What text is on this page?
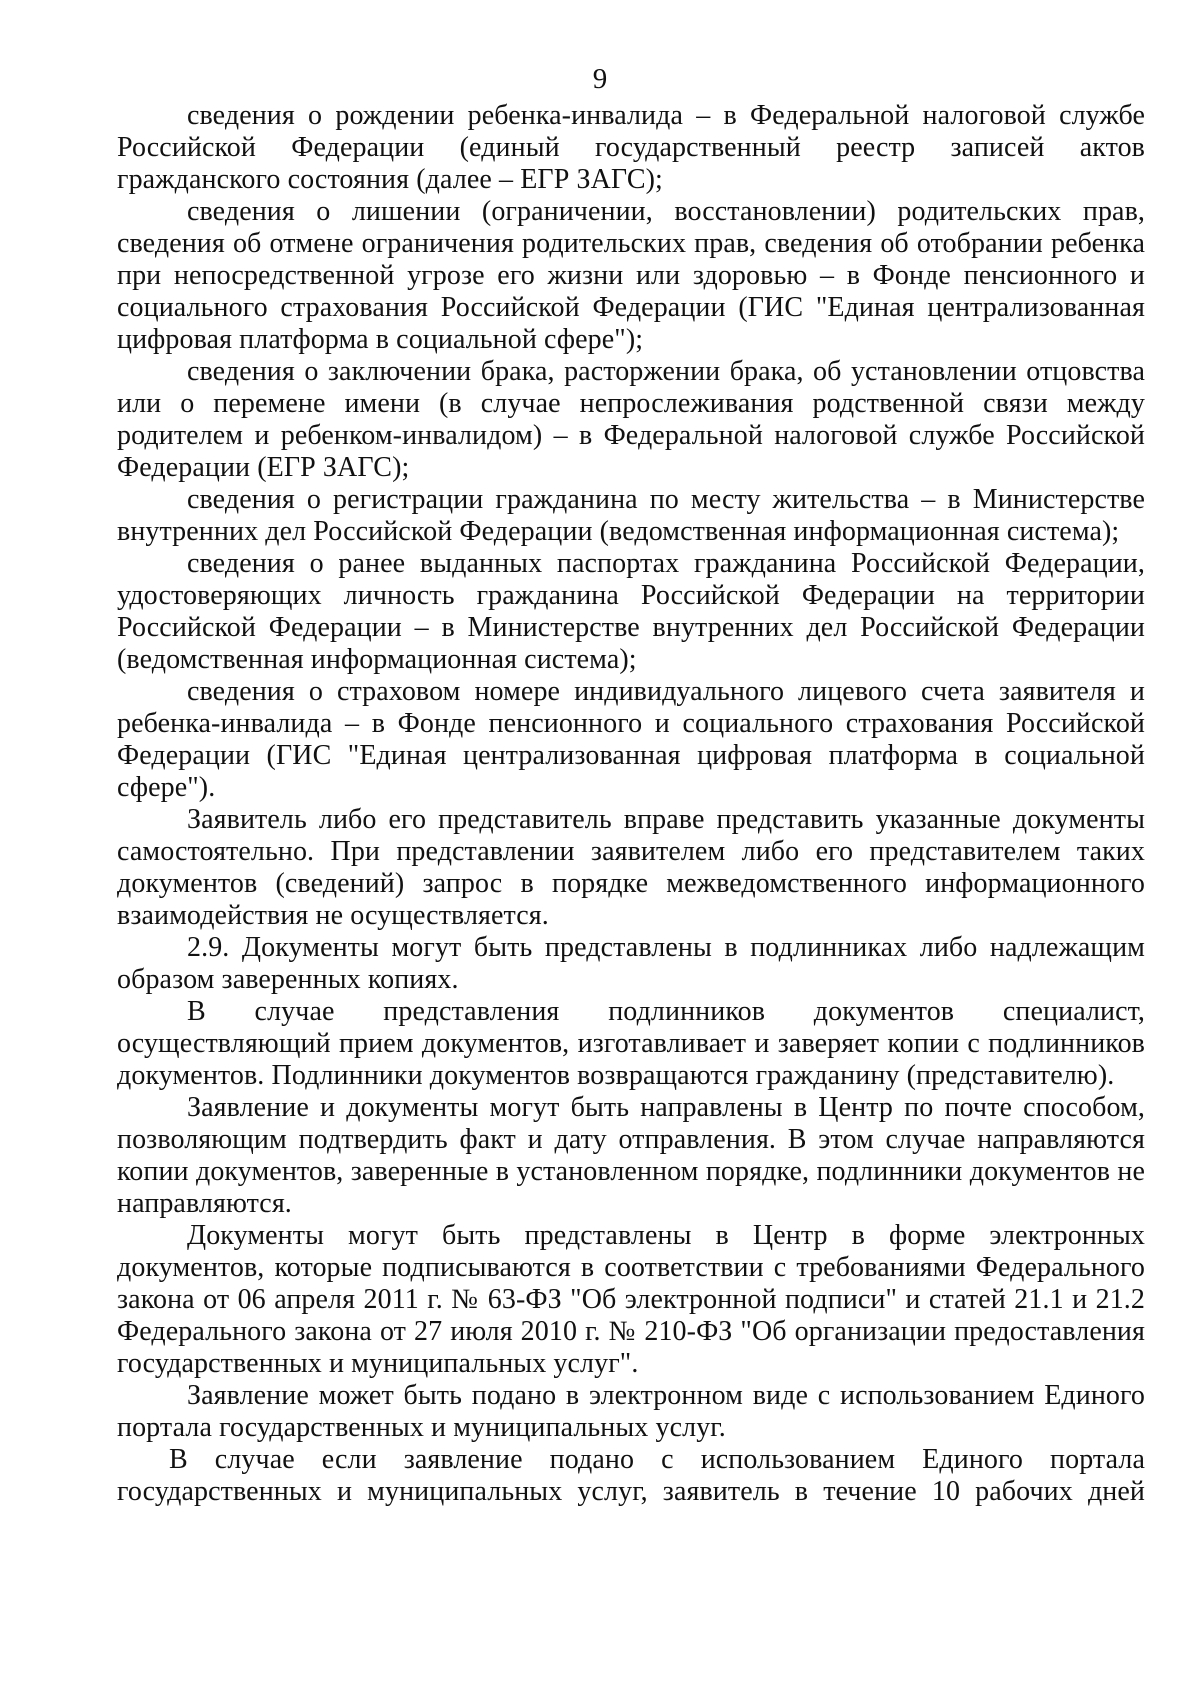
9

сведения о рождении ребенка-инвалида – в Федеральной налоговой службе Российской Федерации (единый государственный реестр записей актов гражданского состояния (далее – ЕГР ЗАГС);

сведения о лишении (ограничении, восстановлении) родительских прав, сведения об отмене ограничения родительских прав, сведения об отобрании ребенка при непосредственной угрозе его жизни или здоровью – в Фонде пенсионного и социального страхования Российской Федерации (ГИС "Единая централизованная цифровая платформа в социальной сфере");

сведения о заключении брака, расторжении брака, об установлении отцовства или о перемене имени (в случае непрослеживания родственной связи между родителем и ребенком-инвалидом) – в Федеральной налоговой службе Российской Федерации (ЕГР ЗАГС);

сведения о регистрации гражданина по месту жительства – в Министерстве внутренних дел Российской Федерации (ведомственная информационная система);

сведения о ранее выданных паспортах гражданина Российской Федерации, удостоверяющих личность гражданина Российской Федерации на территории Российской Федерации – в Министерстве внутренних дел Российской Федерации (ведомственная информационная система);

сведения о страховом номере индивидуального лицевого счета заявителя и ребенка-инвалида – в Фонде пенсионного и социального страхования Российской Федерации (ГИС "Единая централизованная цифровая платформа в социальной сфере").

Заявитель либо его представитель вправе представить указанные документы самостоятельно. При представлении заявителем либо его представителем таких документов (сведений) запрос в порядке межведомственного информационного взаимодействия не осуществляется.

2.9. Документы могут быть представлены в подлинниках либо надлежащим образом заверенных копиях.

В случае представления подлинников документов специалист, осуществляющий прием документов, изготавливает и заверяет копии с подлинников документов. Подлинники документов возвращаются гражданину (представителю).

Заявление и документы могут быть направлены в Центр по почте способом, позволяющим подтвердить факт и дату отправления. В этом случае направляются копии документов, заверенные в установленном порядке, подлинники документов не направляются.

Документы могут быть представлены в Центр в форме электронных документов, которые подписываются в соответствии с требованиями Федерального закона от 06 апреля 2011 г. № 63-ФЗ "Об электронной подписи" и статей 21.1 и 21.2 Федерального закона от 27 июля 2010 г. № 210-ФЗ "Об организации предоставления государственных и муниципальных услуг".

Заявление может быть подано в электронном виде с использованием Единого портала государственных и муниципальных услуг.

В случае если заявление подано с использованием Единого портала государственных и муниципальных услуг, заявитель в течение 10 рабочих дней
